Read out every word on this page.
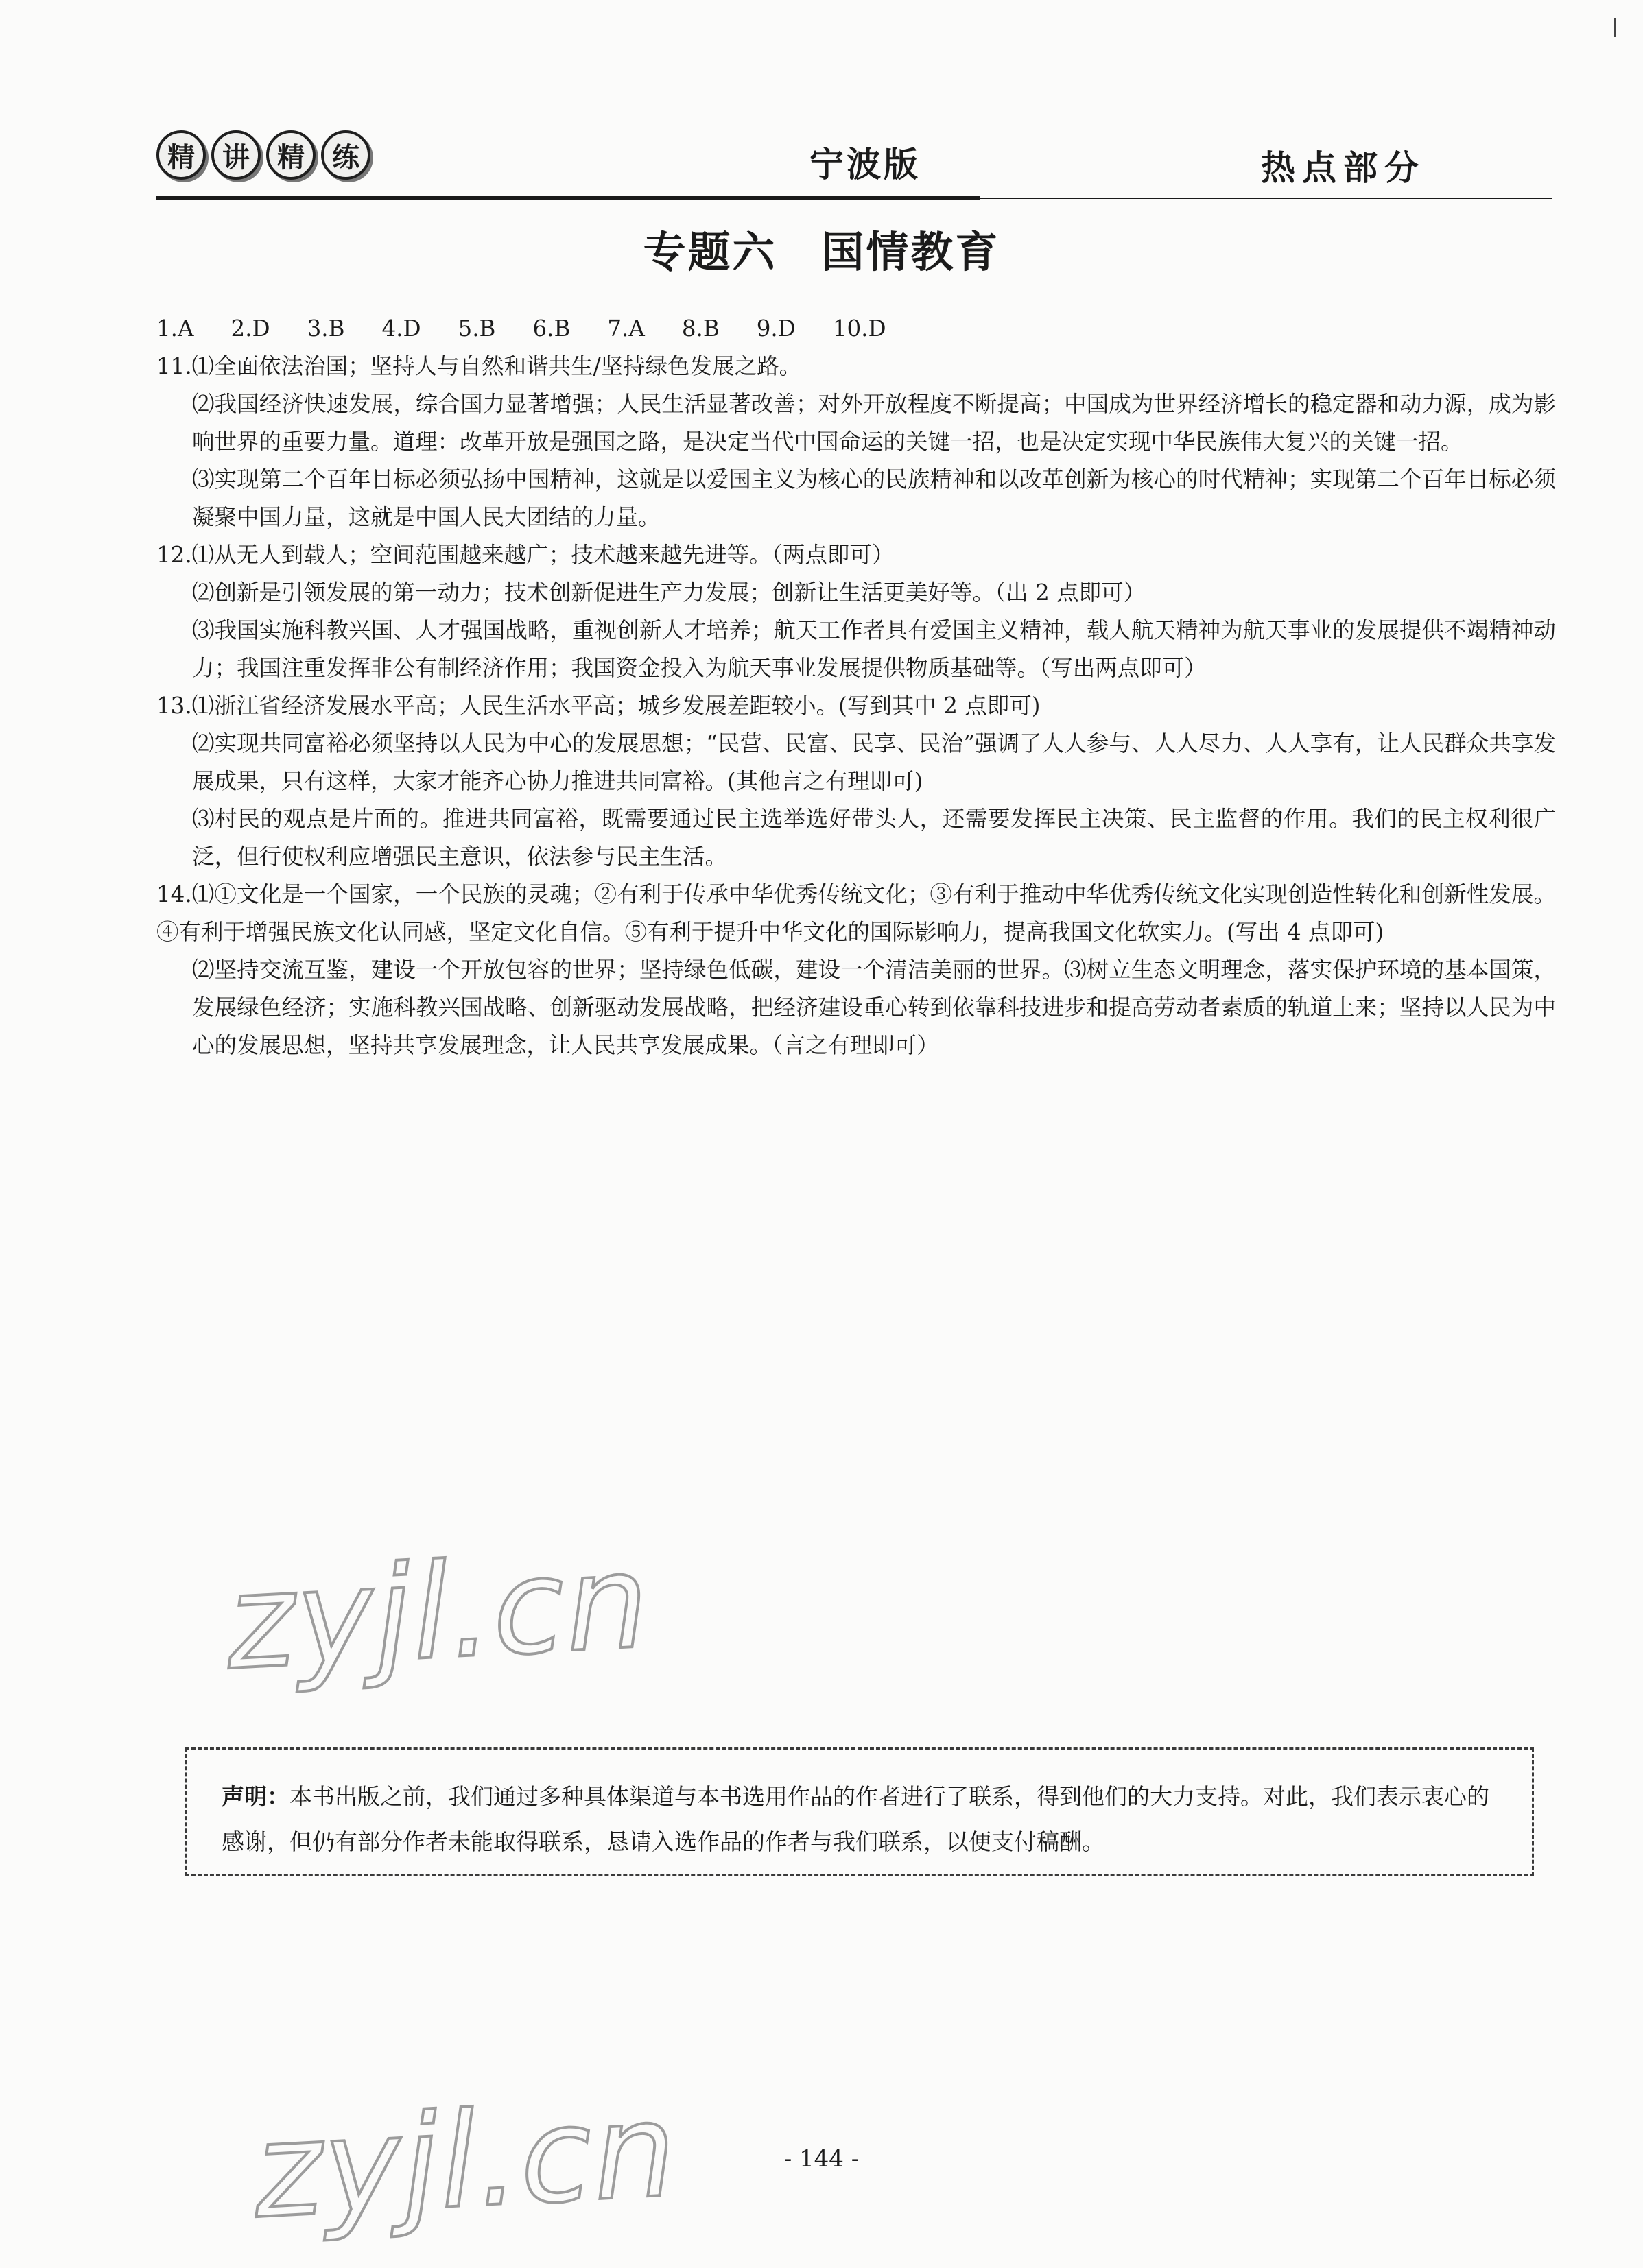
精	讲	精	练	宁波版	热点部分
专题六　国情教育
1.A 2.D 3.B 4.D 5.B 6.B 7.A 8.B 9.D 10.D

11.⑴全面依法治国；坚持人与自然和谐共生/坚持绿色发展之路。

⑵我国经济快速发展，综合国力显著增强；人民生活显著改善；对外开放程度不断提高；中国成为世界经济增长的稳定器和动力源，成为影响世界的重要力量。道理：改革开放是强国之路，是决定当代中国命运的关键一招，也是决定实现中华民族伟大复兴的关键一招。

⑶实现第二个百年目标必须弘扬中国精神，这就是以爱国主义为核心的民族精神和以改革创新为核心的时代精神；实现第二个百年目标必须凝聚中国力量，这就是中国人民大团结的力量。

12.⑴从无人到载人；空间范围越来越广；技术越来越先进等。（两点即可）

⑵创新是引领发展的第一动力；技术创新促进生产力发展；创新让生活更美好等。（出 2 点即可）

⑶我国实施科教兴国、人才强国战略，重视创新人才培养；航天工作者具有爱国主义精神，载人航天精神为航天事业的发展提供不竭精神动力；我国注重发挥非公有制经济作用；我国资金投入为航天事业发展提供物质基础等。（写出两点即可）

13.⑴浙江省经济发展水平高；人民生活水平高；城乡发展差距较小。(写到其中 2 点即可)

⑵实现共同富裕必须坚持以人民为中心的发展思想；“民营、民富、民享、民治”强调了人人参与、人人尽力、人人享有，让人民群众共享发展成果，只有这样，大家才能齐心协力推进共同富裕。(其他言之有理即可)

⑶村民的观点是片面的。推进共同富裕，既需要通过民主选举选好带头人，还需要发挥民主决策、民主监督的作用。我们的民主权利很广泛，但行使权利应增强民主意识，依法参与民主生活。

14.⑴①文化是一个国家，一个民族的灵魂；②有利于传承中华优秀传统文化；③有利于推动中华优秀传统文化实现创造性转化和创新性发展。④有利于增强民族文化认同感，坚定文化自信。⑤有利于提升中华文化的国际影响力，提高我国文化软实力。(写出 4 点即可)

⑵坚持交流互鉴，建设一个开放包容的世界；坚持绿色低碳，建设一个清洁美丽的世界。⑶树立生态文明理念，落实保护环境的基本国策，发展绿色经济；实施科教兴国战略、创新驱动发展战略，把经济建设重心转到依靠科技进步和提高劳动者素质的轨道上来；坚持以人民为中心的发展思想，坚持共享发展理念，让人民共享发展成果。（言之有理即可）

zyjl.cn
声明：本书出版之前，我们通过多种具体渠道与本书选用作品的作者进行了联系，得到他们的大力支持。对此，我们表示衷心的感谢，但仍有部分作者未能取得联系，恳请入选作品的作者与我们联系，以便支付稿酬。
- 144 -
zyjl.cn
